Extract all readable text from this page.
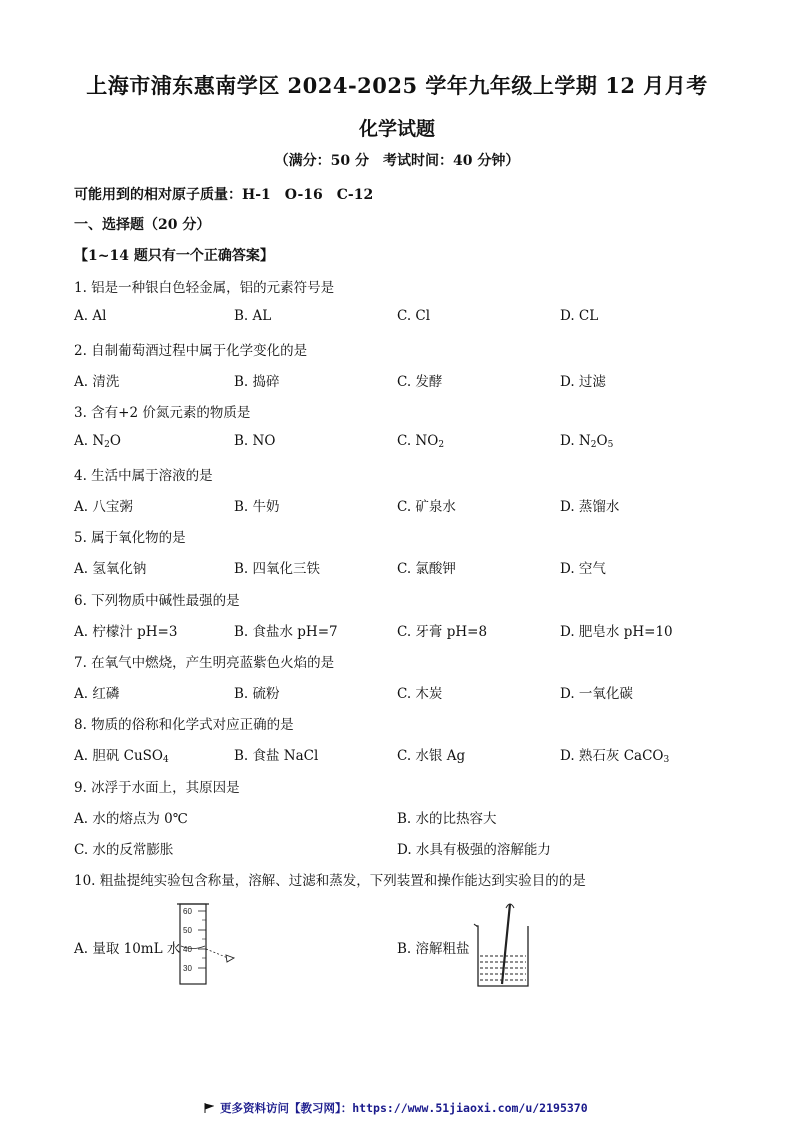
上海市浦东惠南学区 2024-2025 学年九年级上学期 12 月月考
化学试题
（满分：50 分　考试时间：40 分钟）
可能用到的相对原子质量：H-1　O-16　C-12
一、选择题（20 分）
【1~14 题只有一个正确答案】
1. 铝是一种银白色轻金属，铝的元素符号是
A. Al	B. AL	C. Cl	D. CL
2. 自制葡萄酒过程中属于化学变化的是
A. 清洗	B. 捣碎	C. 发酵	D. 过滤
3. 含有+2 价氮元素的物质是
A. $N_2O$	B. NO	C. $NO_2$	D. $N_2O_5$
4. 生活中属于溶液的是
A. 八宝粥	B. 牛奶	C. 矿泉水	D. 蒸馏水
5. 属于氧化物的是
A. 氢氧化钠	B. 四氧化三铁	C. 氯酸钾	D. 空气
6. 下列物质中碱性最强的是
A. 柠檬汁 pH=3	B. 食盐水 pH=7	C. 牙膏 pH=8	D. 肥皂水 pH=10
7. 在氧气中燃烧，产生明亮蓝紫色火焰的是
A. 红磷	B. 硫粉	C. 木炭	D. 一氧化碳
8. 物质的俗称和化学式对应正确的是
A. 胆矾 CuSO$_4$	B. 食盐 NaCl	C. 水银 Ag	D. 熟石灰 CaCO$_3$
9. 冰浮于水面上，其原因是
A. 水的熔点为 0℃	B. 水的比热容大
C. 水的反常膨胀	D. 水具有极强的溶解能力
10. 粗盐提纯实验包含称量，溶解、过滤和蒸发，下列装置和操作能达到实验目的的是
A. 量取 10mL 水	B. 溶解粗盐
60
50
40
30
更多资料访问【教习网】：https://www.51jiaoxi.com/u/2195370
